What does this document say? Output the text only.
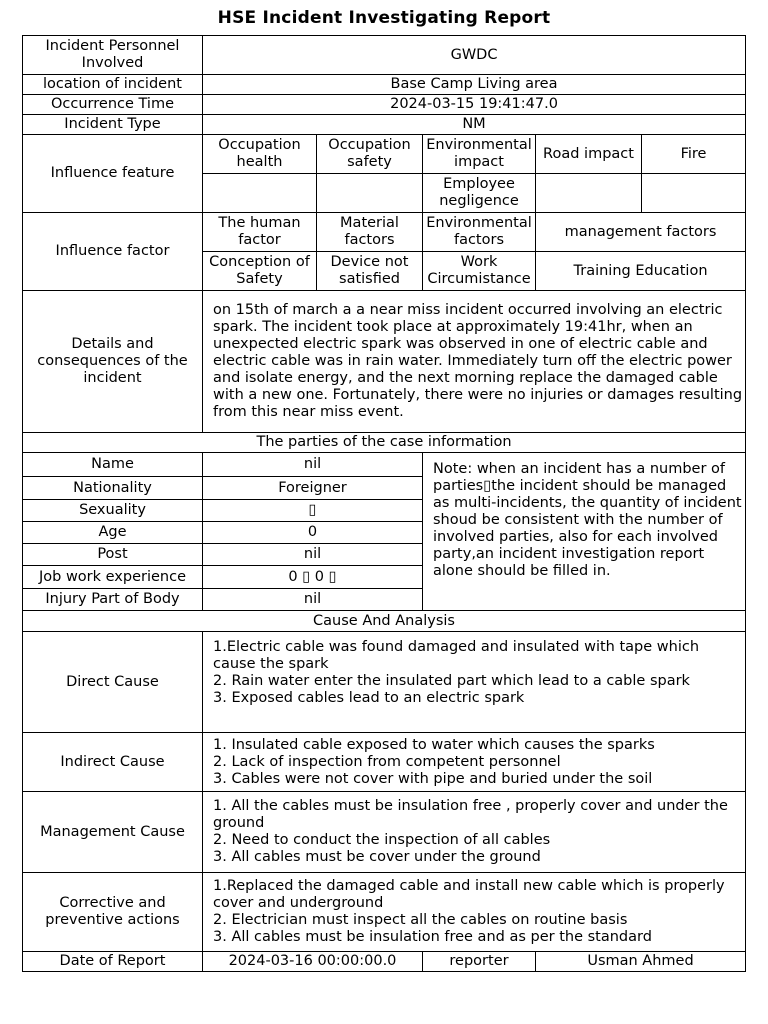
HSE Incident Investigating Report
Incident Personnel Involved	GWDC				
location of incident	Base Camp Living area				
Occurrence Time	2024-03-15 19:41:47.0				
Incident Type	NM				
Influence feature	Occupation health	Occupation safety	Environmental impact	Road impact	Fire
			Employee negligence		
Influence factor	The human factor	Material factors	Environmental factors	management factors	
	Conception of Safety	Device not satisfied	Work Circumistance	Training Education	
Details and consequences of the incident	on 15th of march a a near miss incident occurred involving an electric spark. The incident took place at approximately 19:41hr, when an unexpected electric spark was observed in one of electric cable and electric cable was in rain water. Immediately turn off the electric power and isolate energy, and the next morning replace the damaged cable with a new one. Fortunately, there were no injuries or damages resulting from this near miss event.				
The parties of the case information					
Name	nil		Note: when an incident has a number of parties▯the incident should be managed as multi-incidents, the quantity of incident shoud be consistent with the number of involved parties, also for each involved party,an incident investigation report alone should be filled in.		
Nationality	Foreigner				
Sexuality	▯				
Age	0				
Post	nil				
Job work experience	0 ▯ 0 ▯				
Injury Part of Body	nil				
Cause And Analysis					
Direct Cause	1.Electric cable was found damaged and insulated with tape which cause the spark
2. Rain water enter the insulated part which lead to a cable spark
3. Exposed cables lead to an electric spark				
Indirect Cause	1. Insulated cable exposed to water which causes the sparks
2. Lack of inspection from competent personnel
3. Cables were not cover with pipe and buried under the soil				
Management Cause	1. All the cables must be insulation free , properly cover and under the ground
2. Need to conduct the inspection of all cables
3. All cables must be cover under the ground				
Corrective and preventive actions	1.Replaced the damaged cable and install new cable which is properly cover and underground
2. Electrician must inspect all the cables on routine basis
3. All cables must be insulation free and as per the standard				
Date of Report	2024-03-16 00:00:00.0	reporter	Usman Ahmed
